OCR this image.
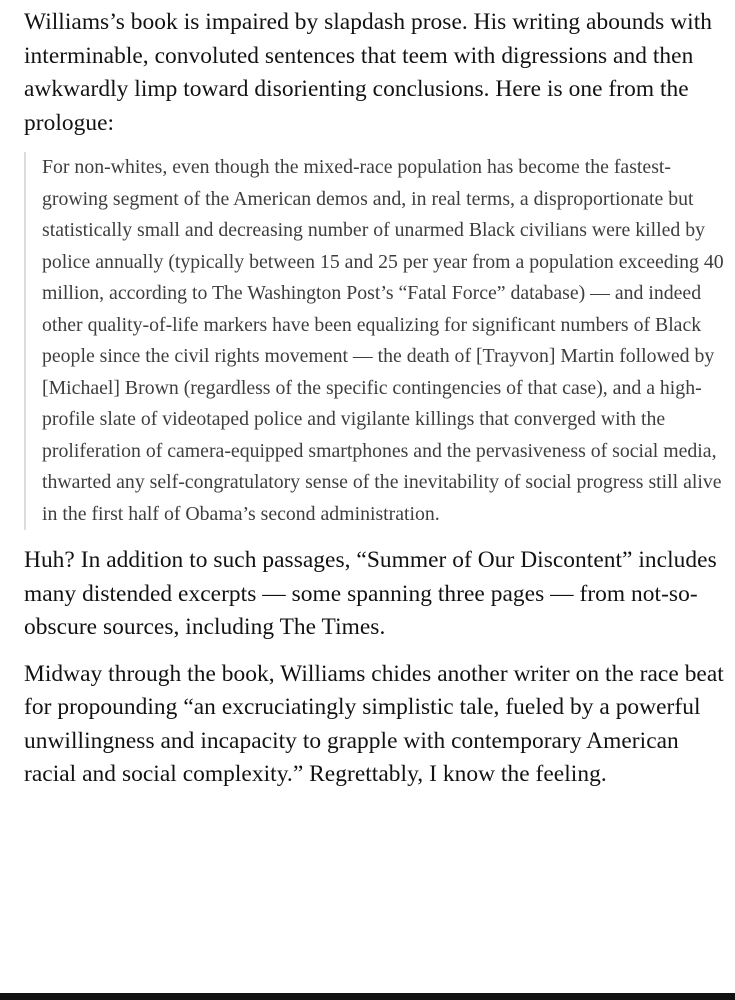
Williams’s book is impaired by slapdash prose. His writing abounds with interminable, convoluted sentences that teem with digressions and then awkwardly limp toward disorienting conclusions. Here is one from the prologue:

For non-whites, even though the mixed-race population has become the fastest-growing segment of the American demos and, in real terms, a disproportionate but statistically small and decreasing number of unarmed Black civilians were killed by police annually (typically between 15 and 25 per year from a population exceeding 40 million, according to The Washington Post’s “Fatal Force” database) — and indeed other quality-of-life markers have been equalizing for significant numbers of Black people since the civil rights movement — the death of [Trayvon] Martin followed by [Michael] Brown (regardless of the specific contingencies of that case), and a high-profile slate of videotaped police and vigilante killings that converged with the proliferation of camera-equipped smartphones and the pervasiveness of social media, thwarted any self-congratulatory sense of the inevitability of social progress still alive in the first half of Obama’s second administration.

Huh? In addition to such passages, “Summer of Our Discontent” includes many distended excerpts — some spanning three pages — from not-so-obscure sources, including The Times.

Midway through the book, Williams chides another writer on the race beat for propounding “an excruciatingly simplistic tale, fueled by a powerful unwillingness and incapacity to grapple with contemporary American racial and social complexity.” Regrettably, I know the feeling.
